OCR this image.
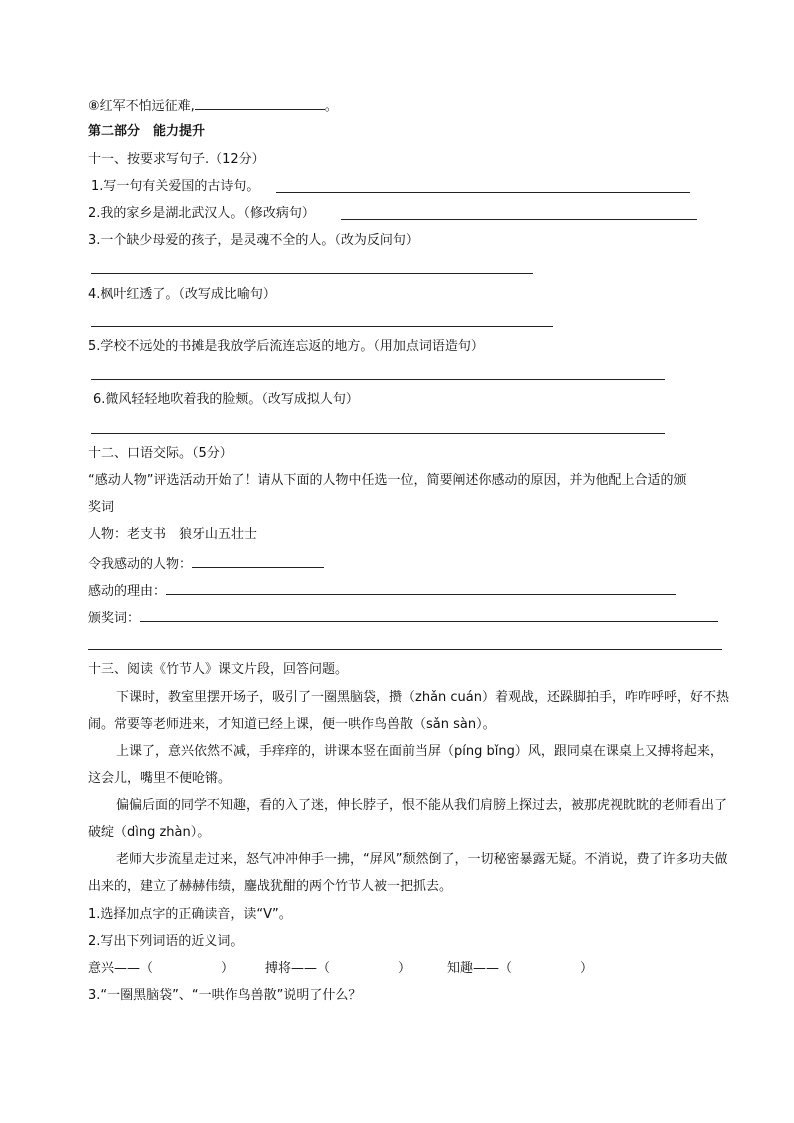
⑧红军不怕远征难,	。
第二部分　能力提升
十一、按要求写句子.（12分）
1.写一句有关爱国的古诗句。
2.我的家乡是湖北武汉人。（修改病句）
3.一个缺少母爱的孩子，是灵魂不全的人。（改为反问句）
4.枫叶红透了。（改写成比喻句）
5.学校不远处的书摊是我放学后流连忘返的地方。（用加点词语造句）
6.微风轻轻地吹着我的脸颊。（改写成拟人句）
十二、口语交际。（5分）
“感动人物”评选活动开始了！请从下面的人物中任选一位，简要阐述你感动的原因，并为他配上合适的颁
奖词
人物：老支书　狼牙山五壮士
令我感动的人物：
感动的理由：
颁奖词：
十三、阅读《竹节人》课文片段，回答问题。
下课时，教室里摆开场子，吸引了一圈黑脑袋，攒（zhǎn cuán）着观战，还跺脚拍手，咋咋呼呼，好不热闹。常要等老师进来，才知道已经上课，便一哄作鸟兽散（sǎn sàn）。
上课了，意兴依然不减，手痒痒的，讲课本竖在面前当屏（píng bǐng）风，跟同桌在课桌上又搏将起来，这会儿，嘴里不便呛锵。
偏偏后面的同学不知趣，看的入了迷，伸长脖子，恨不能从我们肩膀上探过去，被那虎视眈眈的老师看出了破绽（dìng zhàn）。
老师大步流星走过来，怒气冲冲伸手一拂，“屏风”颓然倒了，一切秘密暴露无疑。不消说，费了许多功夫做出来的，建立了赫赫伟绩，鏖战犹酣的两个竹节人被一把抓去。
1.选择加点字的正确读音，读“V”。
2.写出下列词语的近义词。
意兴——（	） 搏将——（	）	知趣——（	）
3.“一圈黑脑袋”、“一哄作鸟兽散”说明了什么？
